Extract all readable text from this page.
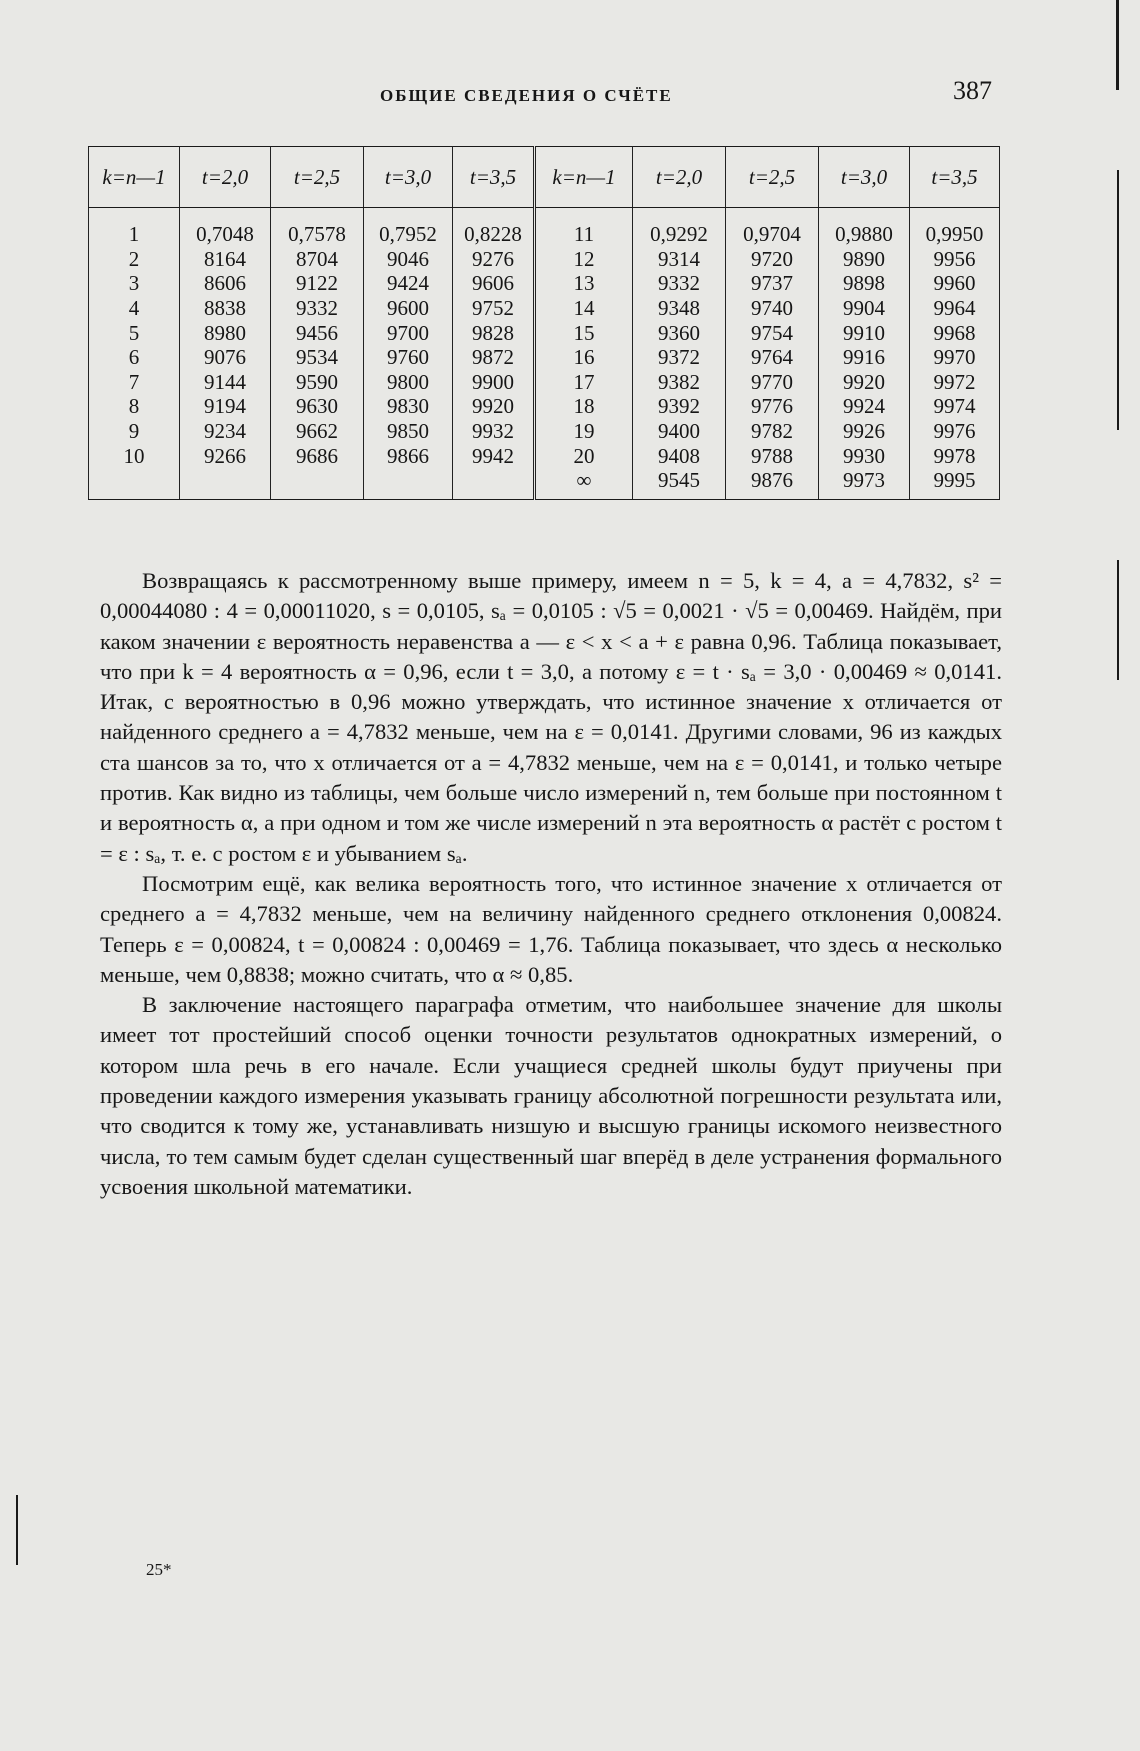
ОБЩИЕ СВЕДЕНИЯ О СЧЁТЕ	387
k=n—1	t=2,0	t=2,5	t=3,0	t=3,5	k=n—1	t=2,0	t=2,5	t=3,0	t=3,5
1	0,7048	0,7578	0,7952	0,8228	11	0,9292	0,9704	0,9880	0,9950
2	8164	8704	9046	9276	12	9314	9720	9890	9956
3	8606	9122	9424	9606	13	9332	9737	9898	9960
4	8838	9332	9600	9752	14	9348	9740	9904	9964
5	8980	9456	9700	9828	15	9360	9754	9910	9968
6	9076	9534	9760	9872	16	9372	9764	9916	9970
7	9144	9590	9800	9900	17	9382	9770	9920	9972
8	9194	9630	9830	9920	18	9392	9776	9924	9974
9	9234	9662	9850	9932	19	9400	9782	9926	9976
10	9266	9686	9866	9942	20	9408	9788	9930	9978
					∞	9545	9876	9973	9995

Возвращаясь к рассмотренному выше примеру, имеем n = 5, k = 4, a = 4,7832, s² = 0,00044080 : 4 = 0,00011020, s = 0,0105, sₐ = 0,0105 : √5 = 0,0021 · √5 = 0,00469. Найдём, при каком значении ε вероятность неравенства a — ε < x < a + ε равна 0,96. Таблица показывает, что при k = 4 вероятность α = 0,96, если t = 3,0, а потому ε = t · sₐ = 3,0 · 0,00469 ≈ 0,0141. Итак, с вероятностью в 0,96 можно утверждать, что истинное значение x отличается от найденного среднего a = 4,7832 меньше, чем на ε = 0,0141. Другими словами, 96 из каждых ста шансов за то, что x отличается от a = 4,7832 меньше, чем на ε = 0,0141, и только четыре против. Как видно из таблицы, чем больше число измерений n, тем больше при постоянном t и вероятность α, а при одном и том же числе измерений n эта вероятность α растёт с ростом t = ε : sₐ, т. е. с ростом ε и убыванием sₐ.

Посмотрим ещё, как велика вероятность того, что истинное значение x отличается от среднего a = 4,7832 меньше, чем на величину найденного среднего отклонения 0,00824. Теперь ε = 0,00824, t = 0,00824 : 0,00469 = 1,76. Таблица показывает, что здесь α несколько меньше, чем 0,8838; можно считать, что α ≈ 0,85.

В заключение настоящего параграфа отметим, что наибольшее значение для школы имеет тот простейший способ оценки точности результатов однократных измерений, о котором шла речь в его начале. Если учащиеся средней школы будут приучены при проведении каждого измерения указывать границу абсолютной погрешности результата или, что сводится к тому же, устанавливать низшую и высшую границы искомого неизвестного числа, то тем самым будет сделан существенный шаг вперёд в деле устранения формального усвоения школьной математики.

25*
